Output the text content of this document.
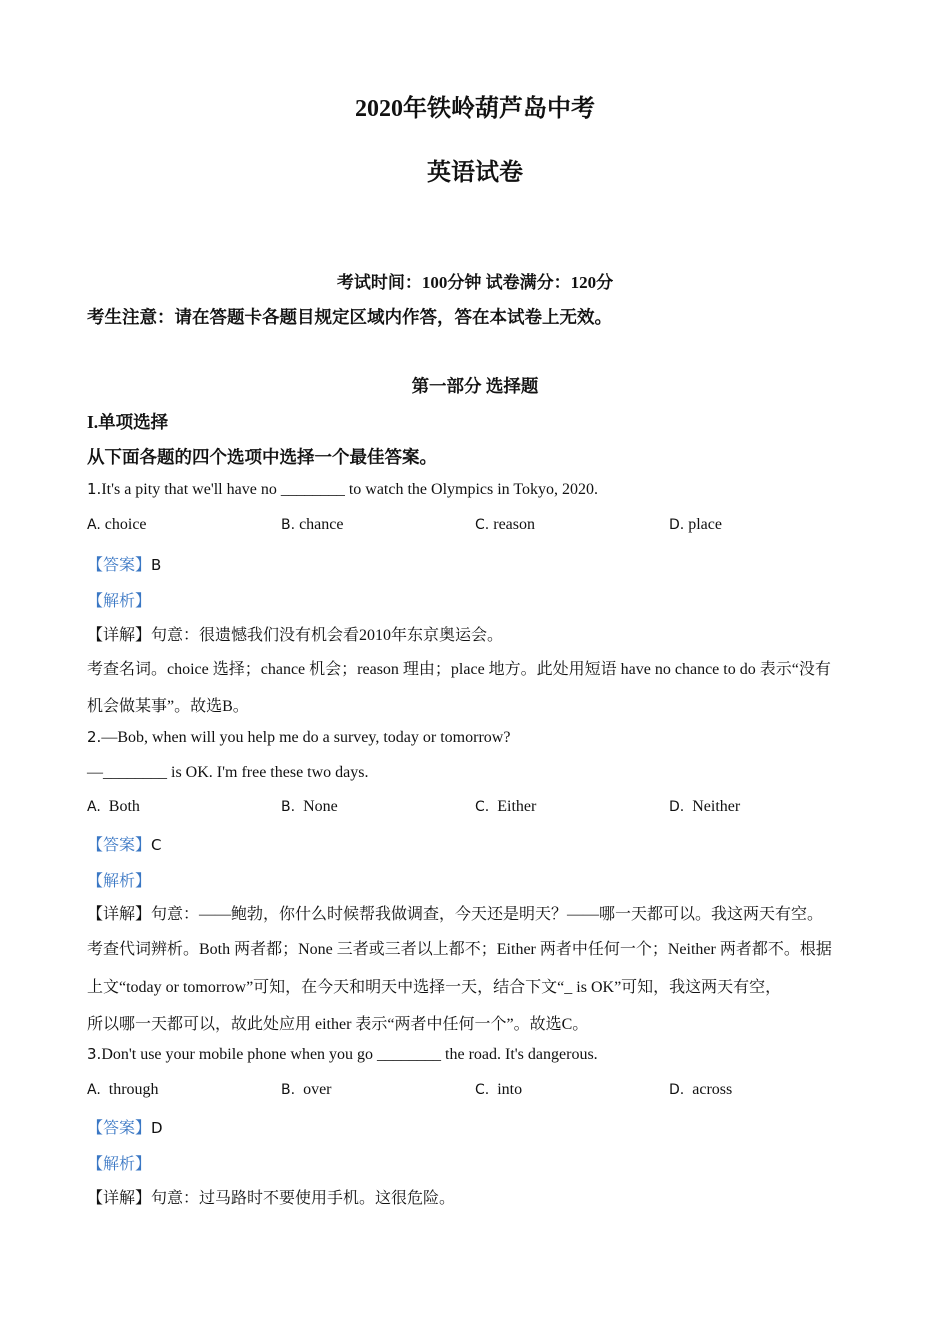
2020年铁岭葫芦岛中考
英语试卷
考试时间：100分钟 试卷满分：120分
考生注意：请在答题卡各题目规定区域内作答，答在本试卷上无效。
第一部分 选择题
I.单项选择
从下面各题的四个选项中选择一个最佳答案。
1.It's a pity that we'll have no ________ to watch the Olympics in Tokyo, 2020.
A. choice	B. chance	C. reason	D. place
【答案】B
【解析】
【详解】句意：很遗憾我们没有机会看2010年东京奥运会。
考查名词。choice 选择；chance 机会；reason 理由；place 地方。此处用短语 have no chance to do 表示“没有
机会做某事”。故选B。
2.—Bob, when will you help me do a survey, today or tomorrow?
—________ is OK. I'm free these two days.
A. Both	B. None	C. Either	D. Neither
【答案】C
【解析】
【详解】句意：——鲍勃，你什么时候帮我做调查，今天还是明天？——哪一天都可以。我这两天有空。
考查代词辨析。Both 两者都；None 三者或三者以上都不；Either 两者中任何一个；Neither 两者都不。根据
上文“today or tomorrow”可知，在今天和明天中选择一天，结合下文“_ is OK”可知，我这两天有空，
所以哪一天都可以，故此处应用 either 表示“两者中任何一个”。故选C。
3.Don't use your mobile phone when you go ________ the road. It's dangerous.
A. through	B. over	C. into	D. across
【答案】D
【解析】
【详解】句意：过马路时不要使用手机。这很危险。
